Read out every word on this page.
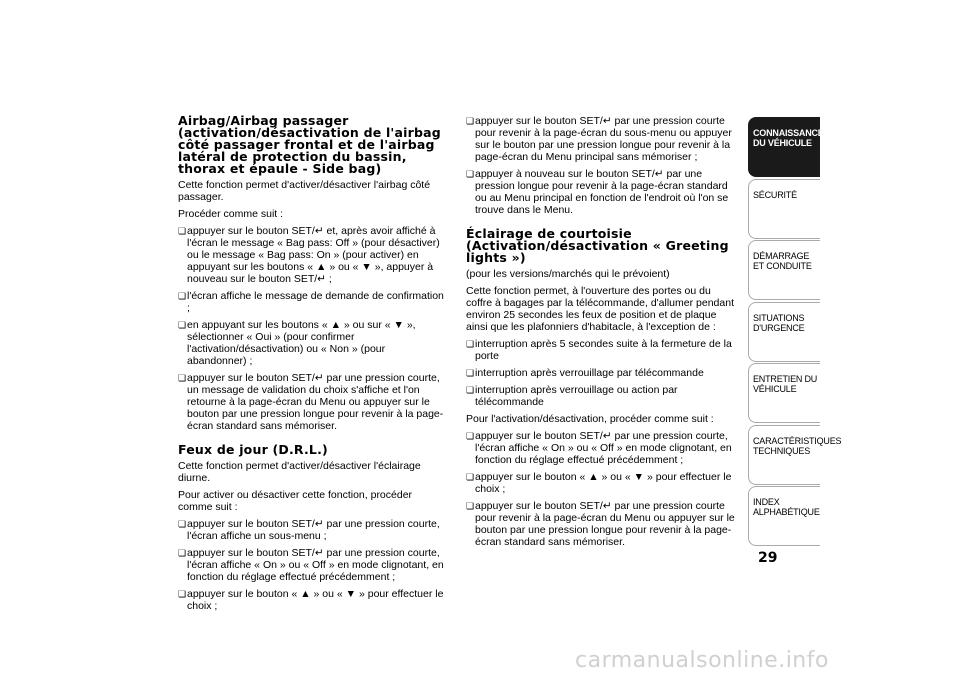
Airbag/Airbag passager (activation/désactivation de l'airbag côté passager frontal et de l'airbag latéral de protection du bassin, thorax et épaule - Side bag)

Cette fonction permet d'activer/désactiver l'airbag côté passager.

Procéder comme suit :

❏ appuyer sur le bouton SET/↵ et, après avoir affiché à l'écran le message « Bag pass: Off » (pour désactiver) ou le message « Bag pass: On » (pour activer) en appuyant sur les boutons « ▲ » ou « ▼ », appuyer à nouveau sur le bouton SET/↵ ;
❏ l'écran affiche le message de demande de confirmation ;
❏ en appuyant sur les boutons « ▲ » ou sur « ▼ », sélectionner « Oui » (pour confirmer l'activation/désactivation) ou « Non » (pour abandonner) ;
❏ appuyer sur le bouton SET/↵ par une pression courte, un message de validation du choix s'affiche et l'on retourne à la page-écran du Menu ou appuyer sur le bouton par une pression longue pour revenir à la page-écran standard sans mémoriser.
Feux de jour (D.R.L.)

Cette fonction permet d'activer/désactiver l'éclairage diurne.

Pour activer ou désactiver cette fonction, procéder comme suit :

❏ appuyer sur le bouton SET/↵ par une pression courte, l'écran affiche un sous-menu ;
❏ appuyer sur le bouton SET/↵ par une pression courte, l'écran affiche « On » ou « Off » en mode clignotant, en fonction du réglage effectué précédemment ;
❏ appuyer sur le bouton « ▲ » ou « ▼ » pour effectuer le choix ;
❏ appuyer sur le bouton SET/↵ par une pression courte pour revenir à la page-écran du sous-menu ou appuyer sur le bouton par une pression longue pour revenir à la page-écran du Menu principal sans mémoriser ;
❏ appuyer à nouveau sur le bouton SET/↵ par une pression longue pour revenir à la page-écran standard ou au Menu principal en fonction de l'endroit où l'on se trouve dans le Menu.
Éclairage de courtoisie (Activation/désactivation « Greeting lights »)
(pour les versions/marchés qui le prévoient)

Cette fonction permet, à l'ouverture des portes ou du coffre à bagages par la télécommande, d'allumer pendant environ 25 secondes les feux de position et de plaque ainsi que les plafonniers d'habitacle, à l'exception de :

❏ interruption après 5 secondes suite à la fermeture de la porte
❏ interruption après verrouillage par télécommande
❏ interruption après verrouillage ou action par télécommande

Pour l'activation/désactivation, procéder comme suit :

❏ appuyer sur le bouton SET/↵ par une pression courte, l'écran affiche « On » ou « Off » en mode clignotant, en fonction du réglage effectué précédemment ;
❏ appuyer sur le bouton « ▲ » ou « ▼ » pour effectuer le choix ;
❏ appuyer sur le bouton SET/↵ par une pression courte pour revenir à la page-écran du Menu ou appuyer sur le bouton par une pression longue pour revenir à la page-écran standard sans mémoriser.
CONNAISSANCE DU VÉHICULE
SÉCURITÉ
DÉMARRAGE ET CONDUITE
SITUATIONS D'URGENCE
ENTRETIEN DU VÉHICULE
CARACTÉRISTIQUES TECHNIQUES
INDEX ALPHABÉTIQUE
29
carmanualsonline.info
